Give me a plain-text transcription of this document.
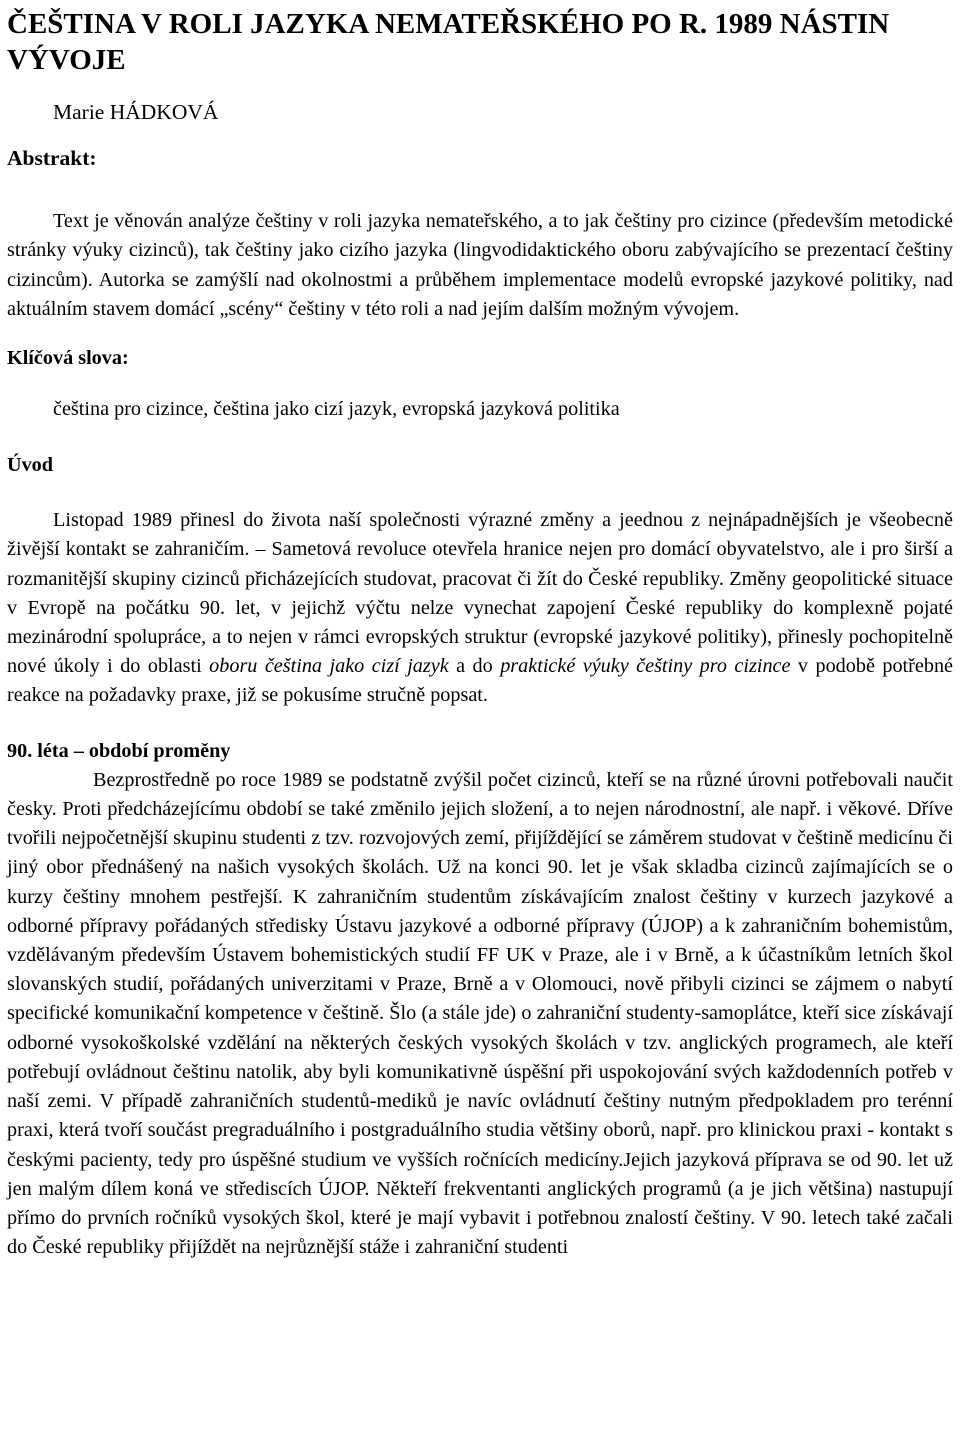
ČEŠTINA V ROLI JAZYKA NEMATEŘSKÉHO PO R. 1989 NÁSTIN VÝVOJE
Marie HÁDKOVÁ
Abstrakt:

Text je věnován analýze češtiny v roli jazyka nemateřského, a to jak češtiny pro cizince (především metodické stránky výuky cizinců), tak češtiny jako cizího jazyka (lingvodidaktického oboru zabývajícího se prezentací češtiny cizincům). Autorka se zamýšlí nad okolnostmi a průběhem implementace modelů evropské jazykové politiky, nad aktuálním stavem domácí „scény“ češtiny v této roli a nad jejím dalším možným vývojem.

Klíčová slova:
čeština pro cizince, čeština jako cizí jazyk, evropská jazyková politika
Úvod

Listopad 1989 přinesl do života naší společnosti výrazné změny a jeednou z nejnápadnějších je všeobecně živější kontakt se zahraničím. – Sametová revoluce otevřela hranice nejen pro domácí obyvatelstvo, ale i pro širší a rozmanitější skupiny cizinců přicházejících studovat, pracovat či žít do České republiky. Změny geopolitické situace v Evropě na počátku 90. let, v jejichž výčtu nelze vynechat zapojení České republiky do komplexně pojaté mezinárodní spolupráce, a to nejen v rámci evropských struktur (evropské jazykové politiky), přinesly pochopitelně nové úkoly i do oblasti oboru čeština jako cizí jazyk a do praktické výuky češtiny pro cizince v podobě potřebné reakce na požadavky praxe, již se pokusíme stručně popsat.

90. léta – období proměny

Bezprostředně po roce 1989 se podstatně zvýšil počet cizinců, kteří se na různé úrovni potřebovali naučit česky. Proti předcházejícímu období se také změnilo jejich složení, a to nejen národnostní, ale např. i věkové. Dříve tvořili nejpočetnější skupinu studenti z tzv. rozvojových zemí, přijíždějící se záměrem studovat v češtině medicínu či jiný obor přednášený na našich vysokých školách. Už na konci 90. let je však skladba cizinců zajímajících se o kurzy češtiny mnohem pestřejší. K zahraničním studentům získávajícím znalost češtiny v kurzech jazykové a odborné přípravy pořádaných středisky Ústavu jazykové a odborné přípravy (ÚJOP) a k zahraničním bohemistům, vzdělávaným především Ústavem bohemistických studií FF UK v Praze, ale i v Brně, a k účastníkům letních škol slovanských studií, pořádaných univerzitami v Praze, Brně a v Olomouci, nově přibyli cizinci se zájmem o nabytí specifické komunikační kompetence v češtině. Šlo (a stále jde) o zahraniční studenty-samoplátce, kteří sice získávají odborné vysokoškolské vzdělání na některých českých vysokých školách v tzv. anglických programech, ale kteří potřebují ovládnout češtinu natolik, aby byli komunikativně úspěšní při uspokojování svých každodenních potřeb v naší zemi. V případě zahraničních studentů-mediků je navíc ovládnutí češtiny nutným předpokladem pro terénní praxi, která tvoří součást pregraduálního i postgraduálního studia většiny oborů, např. pro klinickou praxi - kontakt s českými pacienty, tedy pro úspěšné studium ve vyšších ročnících medicíny.Jejich jazyková příprava se od 90. let už jen malým dílem koná ve střediscích ÚJOP. Někteří frekventanti anglických programů (a je jich většina) nastupují přímo do prvních ročníků vysokých škol, které je mají vybavit i potřebnou znalostí češtiny. V 90. letech také začali do České republiky přijíždět na nejrůznější stáže i zahraniční studenti
